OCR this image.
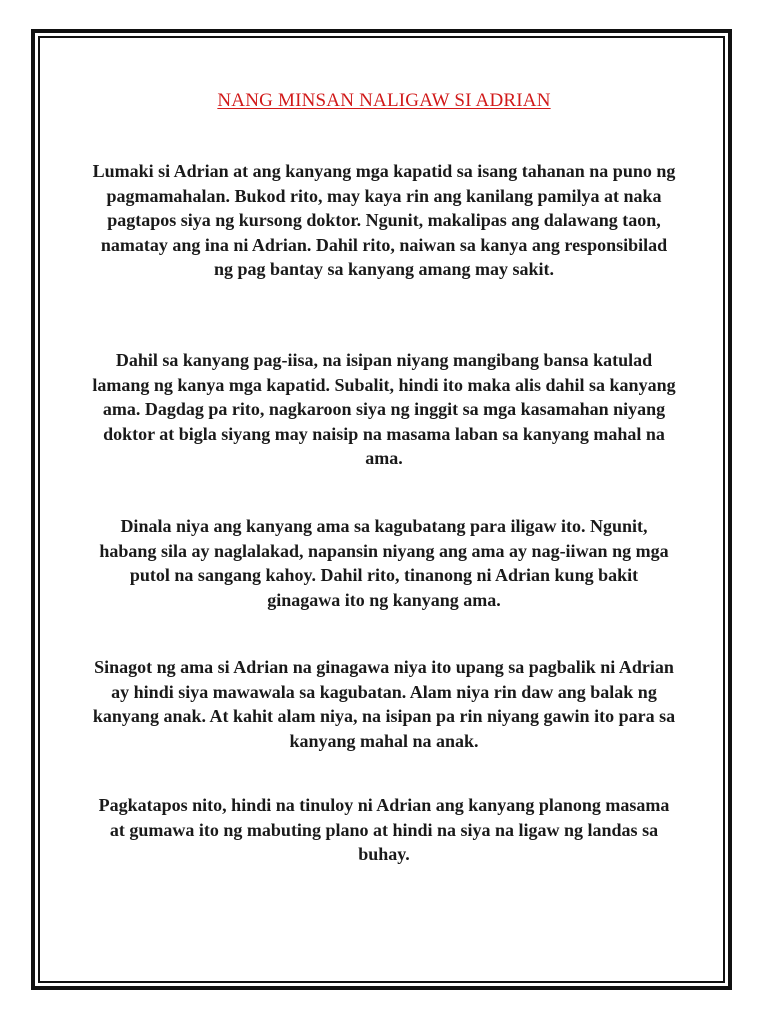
NANG MINSAN NALIGAW SI ADRIAN
Lumaki si Adrian at ang kanyang mga kapatid sa isang tahanan na puno ng pagmamahalan. Bukod rito, may kaya rin ang kanilang pamilya at naka pagtapos siya ng kursong doktor. Ngunit, makalipas ang dalawang taon, namatay ang ina ni Adrian. Dahil rito, naiwan sa kanya ang responsibilad ng pag bantay sa kanyang amang may sakit.
Dahil sa kanyang pag-iisa, na isipan niyang mangibang bansa katulad lamang ng kanya mga kapatid. Subalit, hindi ito maka alis dahil sa kanyang ama. Dagdag pa rito, nagkaroon siya ng inggit sa mga kasamahan niyang doktor at bigla siyang may naisip na masama laban sa kanyang mahal na ama.
Dinala niya ang kanyang ama sa kagubatang para iligaw ito. Ngunit, habang sila ay naglalakad, napansin niyang ang ama ay nag-iiwan ng mga putol na sangang kahoy. Dahil rito, tinanong ni Adrian kung bakit ginagawa ito ng kanyang ama.
Sinagot ng ama si Adrian na ginagawa niya ito upang sa pagbalik ni Adrian ay hindi siya mawawala sa kagubatan. Alam niya rin daw ang balak ng kanyang anak. At kahit alam niya, na isipan pa rin niyang gawin ito para sa kanyang mahal na anak.
Pagkatapos nito, hindi na tinuloy ni Adrian ang kanyang planong masama at gumawa ito ng mabuting plano at hindi na siya na ligaw ng landas sa buhay.
